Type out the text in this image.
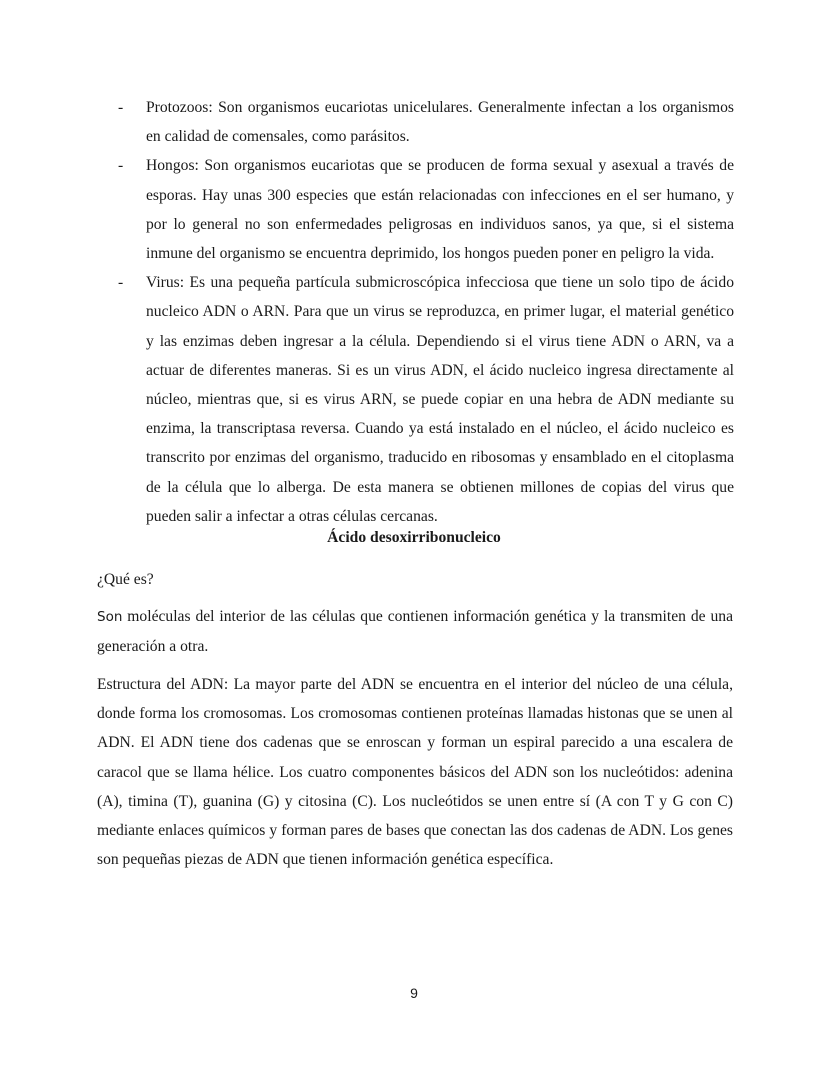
- Protozoos: Son organismos eucariotas unicelulares. Generalmente infectan a los organismos en calidad de comensales, como parásitos.
- Hongos: Son organismos eucariotas que se producen de forma sexual y asexual a través de esporas. Hay unas 300 especies que están relacionadas con infecciones en el ser humano, y por lo general no son enfermedades peligrosas en individuos sanos, ya que, si el sistema inmune del organismo se encuentra deprimido, los hongos pueden poner en peligro la vida.
- Virus: Es una pequeña partícula submicroscópica infecciosa que tiene un solo tipo de ácido nucleico ADN o ARN. Para que un virus se reproduzca, en primer lugar, el material genético y las enzimas deben ingresar a la célula. Dependiendo si el virus tiene ADN o ARN, va a actuar de diferentes maneras. Si es un virus ADN, el ácido nucleico ingresa directamente al núcleo, mientras que, si es virus ARN, se puede copiar en una hebra de ADN mediante su enzima, la transcriptasa reversa. Cuando ya está instalado en el núcleo, el ácido nucleico es transcrito por enzimas del organismo, traducido en ribosomas y ensamblado en el citoplasma de la célula que lo alberga. De esta manera se obtienen millones de copias del virus que pueden salir a infectar a otras células cercanas.
Ácido desoxirribonucleico

¿Qué es?

Son moléculas del interior de las células que contienen información genética y la transmiten de una generación a otra.

Estructura del ADN: La mayor parte del ADN se encuentra en el interior del núcleo de una célula, donde forma los cromosomas. Los cromosomas contienen proteínas llamadas histonas que se unen al ADN. El ADN tiene dos cadenas que se enroscan y forman un espiral parecido a una escalera de caracol que se llama hélice. Los cuatro componentes básicos del ADN son los nucleótidos: adenina (A), timina (T), guanina (G) y citosina (C). Los nucleótidos se unen entre sí (A con T y G con C) mediante enlaces químicos y forman pares de bases que conectan las dos cadenas de ADN. Los genes son pequeñas piezas de ADN que tienen información genética específica.

9
